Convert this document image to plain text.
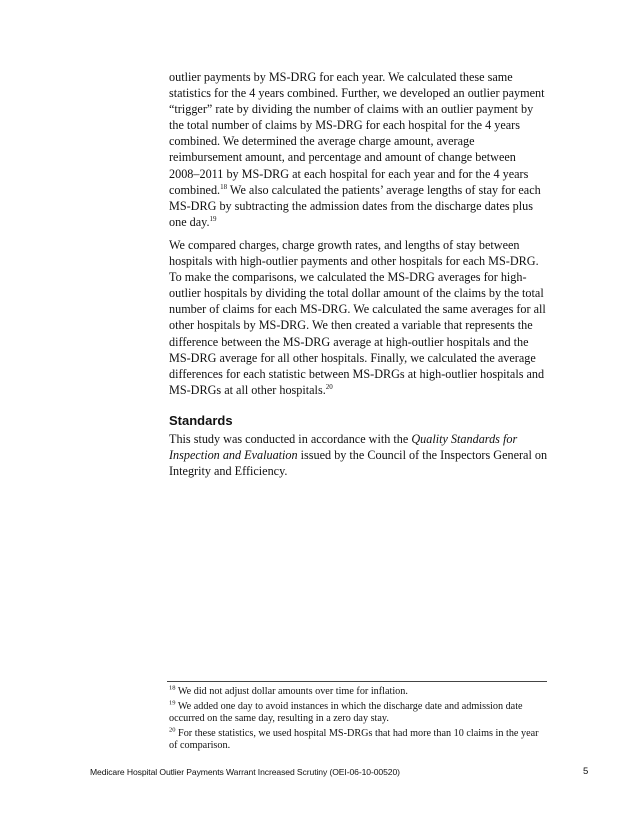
outlier payments by MS-DRG for each year. We calculated these same statistics for the 4 years combined. Further, we developed an outlier payment “trigger” rate by dividing the number of claims with an outlier payment by the total number of claims by MS-DRG for each hospital for the 4 years combined. We determined the average charge amount, average reimbursement amount, and percentage and amount of change between 2008–2011 by MS-DRG at each hospital for each year and for the 4 years combined.$^{18}$ We also calculated the patients’ average lengths of stay for each MS-DRG by subtracting the admission dates from the discharge dates plus one day.$^{19}$

We compared charges, charge growth rates, and lengths of stay between hospitals with high-outlier payments and other hospitals for each MS-DRG. To make the comparisons, we calculated the MS-DRG averages for high-outlier hospitals by dividing the total dollar amount of the claims by the total number of claims for each MS-DRG. We calculated the same averages for all other hospitals by MS-DRG. We then created a variable that represents the difference between the MS-DRG average at high-outlier hospitals and the MS-DRG average for all other hospitals. Finally, we calculated the average differences for each statistic between MS-DRGs at high-outlier hospitals and MS-DRGs at all other hospitals.$^{20}$

Standards

This study was conducted in accordance with the Quality Standards for Inspection and Evaluation issued by the Council of the Inspectors General on Integrity and Efficiency.

$^{18}$ We did not adjust dollar amounts over time for inflation.

$^{19}$ We added one day to avoid instances in which the discharge date and admission date occurred on the same day, resulting in a zero day stay.

$^{20}$ For these statistics, we used hospital MS-DRGs that had more than 10 claims in the year of comparison.

Medicare Hospital Outlier Payments Warrant Increased Scrutiny (OEI-06-10-00520)	5
